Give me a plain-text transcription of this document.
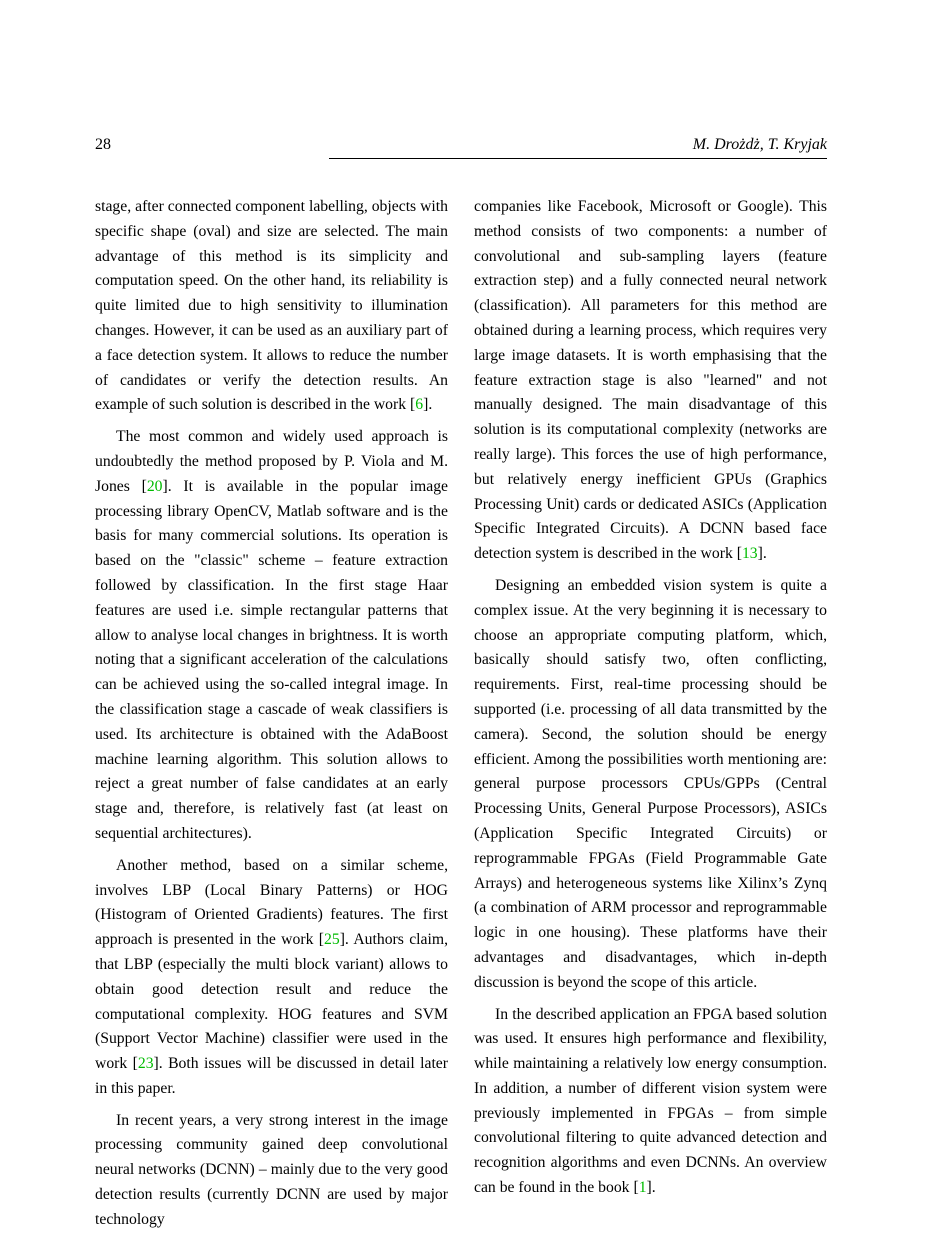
28	M. Drożdż, T. Kryjak

stage, after connected component labelling, objects with specific shape (oval) and size are selected. The main advantage of this method is its simplicity and computation speed. On the other hand, its reliability is quite limited due to high sensitivity to illumination changes. However, it can be used as an auxiliary part of a face detection system. It allows to reduce the number of candidates or verify the detection results. An example of such solution is described in the work [6].

The most common and widely used approach is undoubtedly the method proposed by P. Viola and M. Jones [20]. It is available in the popular image processing library OpenCV, Matlab software and is the basis for many commercial solutions. Its operation is based on the "classic" scheme – feature extraction followed by classification. In the first stage Haar features are used i.e. simple rectangular patterns that allow to analyse local changes in brightness. It is worth noting that a significant acceleration of the calculations can be achieved using the so-called integral image. In the classification stage a cascade of weak classifiers is used. Its architecture is obtained with the AdaBoost machine learning algorithm. This solution allows to reject a great number of false candidates at an early stage and, therefore, is relatively fast (at least on sequential architectures).

Another method, based on a similar scheme, involves LBP (Local Binary Patterns) or HOG (Histogram of Oriented Gradients) features. The first approach is presented in the work [25]. Authors claim, that LBP (especially the multi block variant) allows to obtain good detection result and reduce the computational complexity. HOG features and SVM (Support Vector Machine) classifier were used in the work [23]. Both issues will be discussed in detail later in this paper.

In recent years, a very strong interest in the image processing community gained deep convolutional neural networks (DCNN) – mainly due to the very good detection results (currently DCNN are used by major technology

companies like Facebook, Microsoft or Google). This method consists of two components: a number of convolutional and sub-sampling layers (feature extraction step) and a fully connected neural network (classification). All parameters for this method are obtained during a learning process, which requires very large image datasets. It is worth emphasising that the feature extraction stage is also "learned" and not manually designed. The main disadvantage of this solution is its computational complexity (networks are really large). This forces the use of high performance, but relatively energy inefficient GPUs (Graphics Processing Unit) cards or dedicated ASICs (Application Specific Integrated Circuits). A DCNN based face detection system is described in the work [13].

Designing an embedded vision system is quite a complex issue. At the very beginning it is necessary to choose an appropriate computing platform, which, basically should satisfy two, often conflicting, requirements. First, real-time processing should be supported (i.e. processing of all data transmitted by the camera). Second, the solution should be energy efficient. Among the possibilities worth mentioning are: general purpose processors CPUs/GPPs (Central Processing Units, General Purpose Processors), ASICs (Application Specific Integrated Circuits) or reprogrammable FPGAs (Field Programmable Gate Arrays) and heterogeneous systems like Xilinx’s Zynq (a combination of ARM processor and reprogrammable logic in one housing). These platforms have their advantages and disadvantages, which in-depth discussion is beyond the scope of this article.

In the described application an FPGA based solution was used. It ensures high performance and flexibility, while maintaining a relatively low energy consumption. In addition, a number of different vision system were previously implemented in FPGAs – from simple convolutional filtering to quite advanced detection and recognition algorithms and even DCNNs. An overview can be found in the book [1].
